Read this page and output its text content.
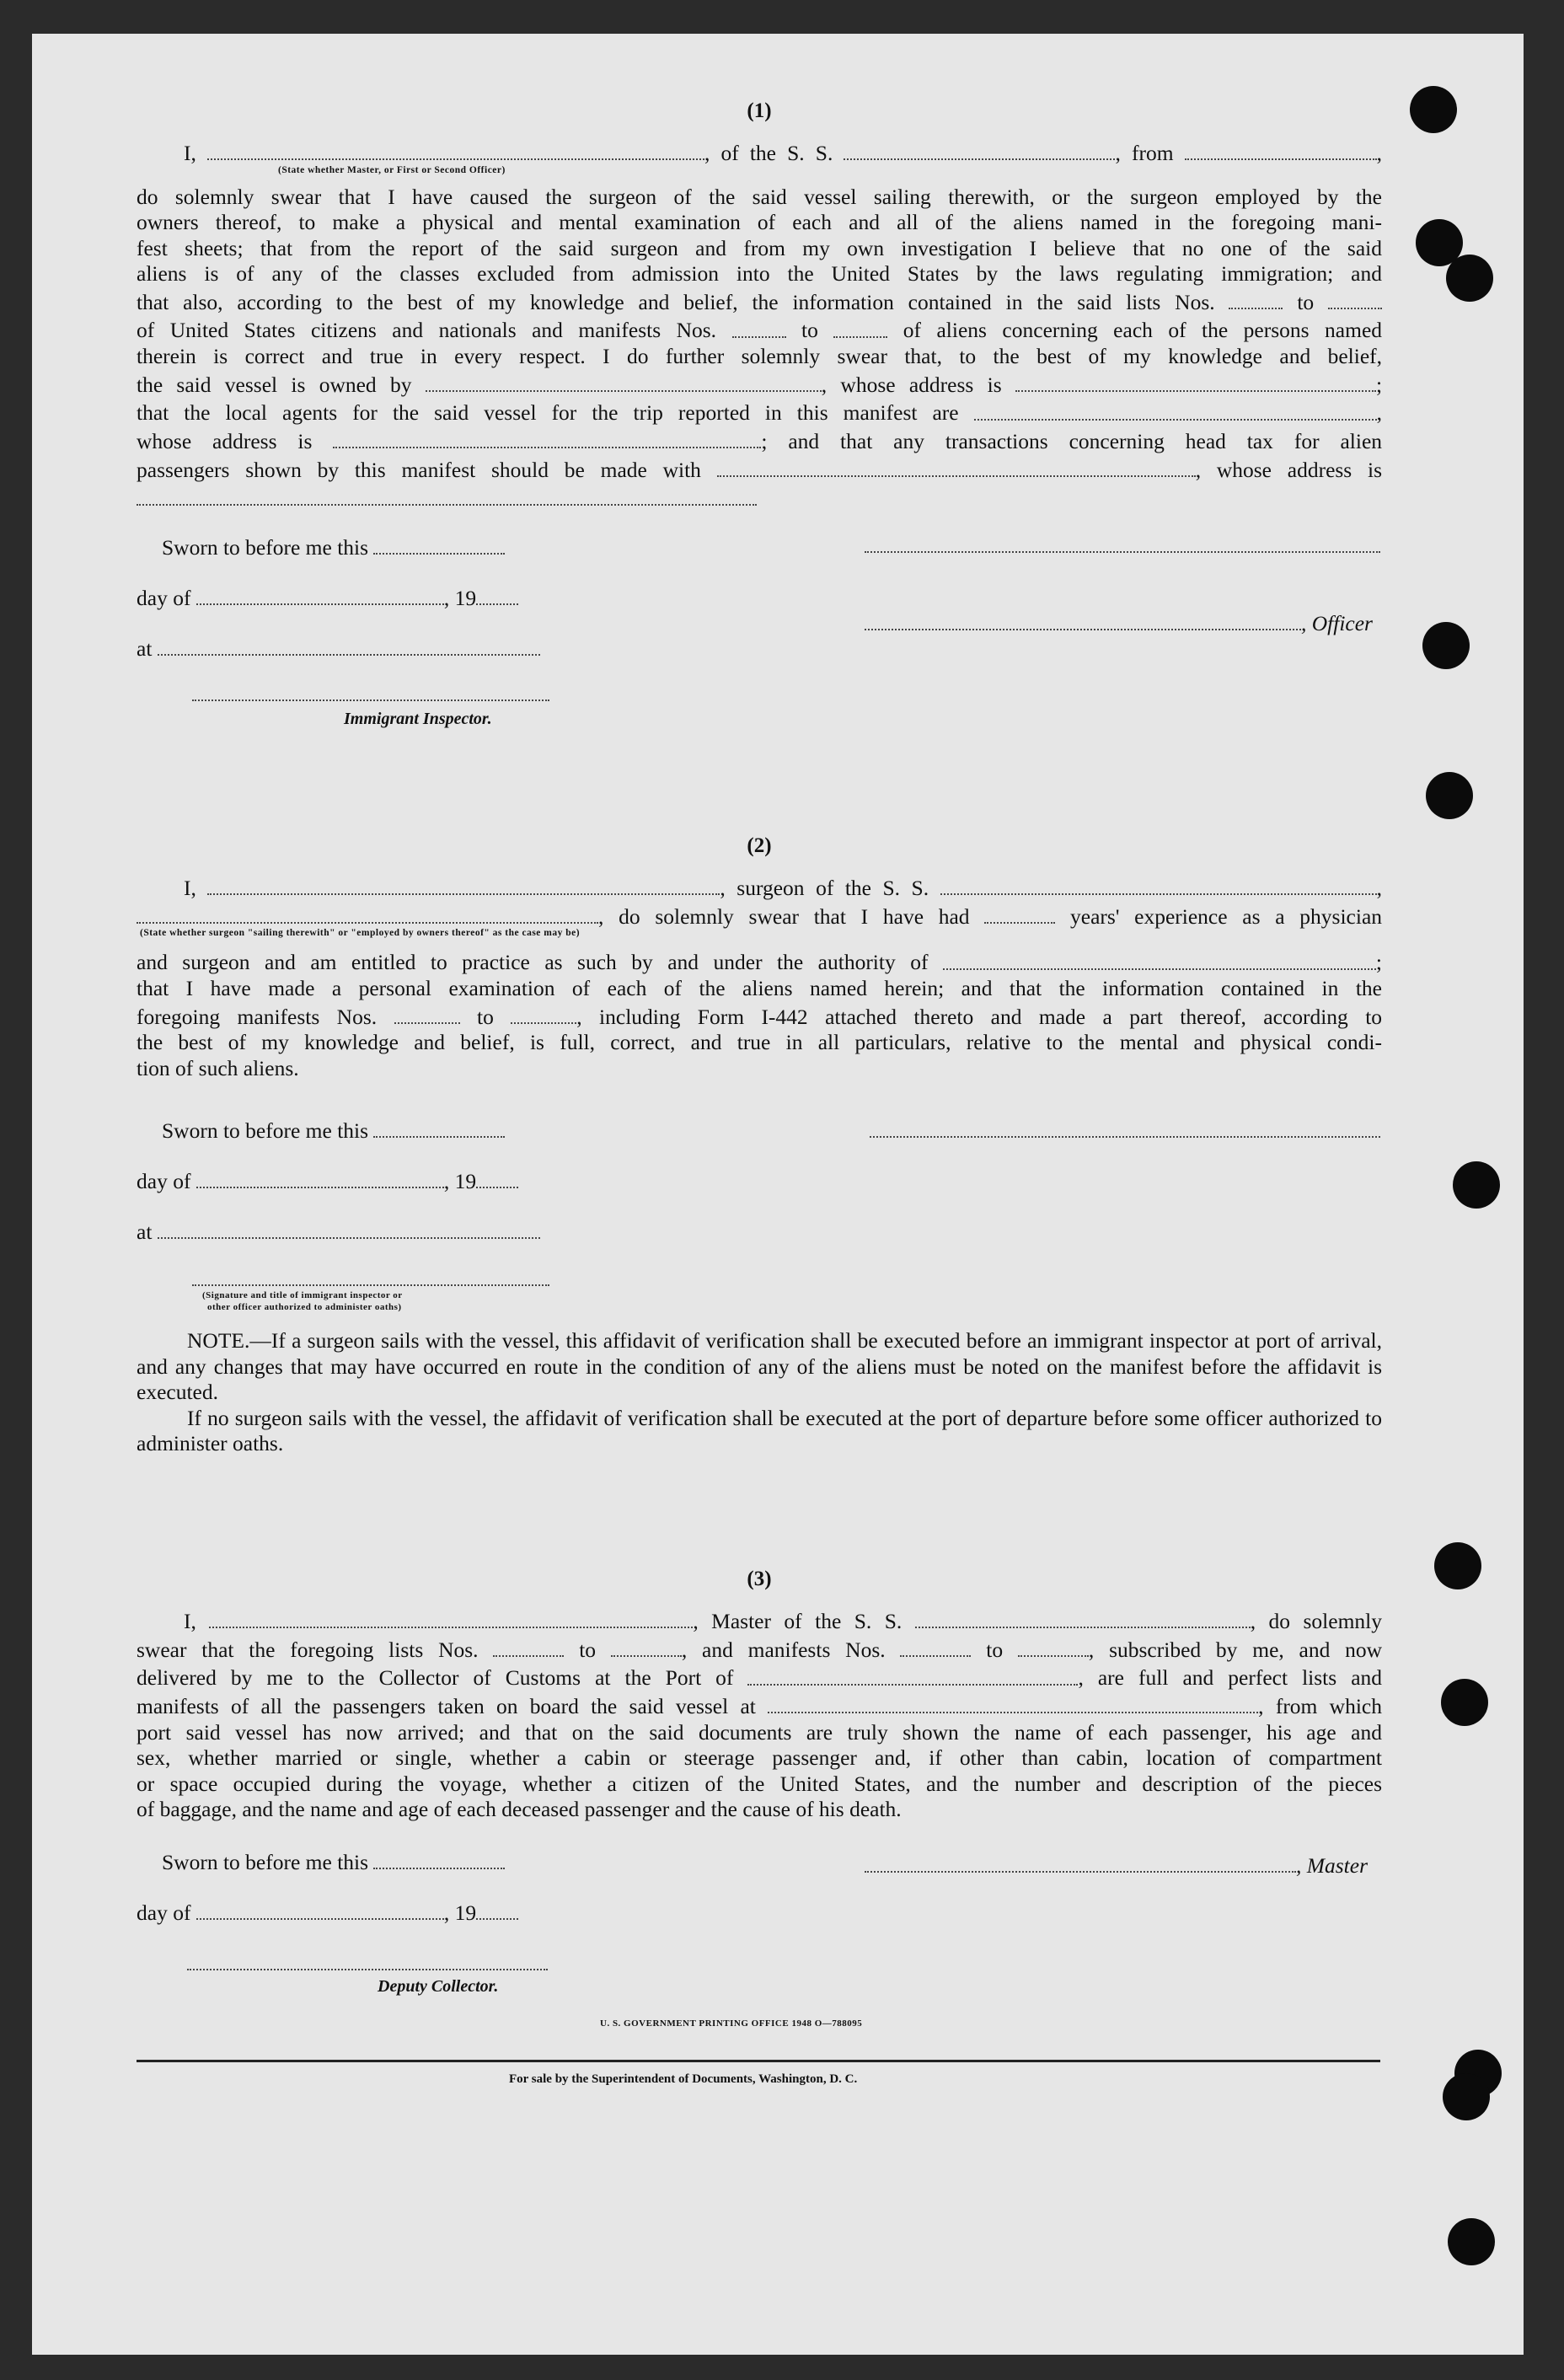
(1)

I,	, of the S. S.	, from	,

(State whether Master, or First or Second Officer)

do solemnly swear that I have caused the surgeon of the said vessel sailing therewith, or the surgeon employed by the

owners thereof, to make a physical and mental examination of each and all of the aliens named in the foregoing mani-

fest sheets; that from the report of the said surgeon and from my own investigation I believe that no one of the said

aliens is of any of the classes excluded from admission into the United States by the laws regulating immigration; and

that also, according to the best of my knowledge and belief, the information contained in the said lists Nos.	to

of United States citizens and nationals and manifests Nos.	to	of aliens concerning each of the persons named

therein is correct and true in every respect. I do further solemnly swear that, to the best of my knowledge and belief,

the said vessel is owned by	, whose address is	;

that the local agents for the said vessel for the trip reported in this manifest are	,

whose address is	; and that any transactions concerning head tax for alien

passengers shown by this manifest should be made with	, whose address is

Sworn to before me this
day of	, 19
at
Immigrant Inspector.
, Officer
(2)

I,	, surgeon of the S. S.	,

, do solemnly swear that I have had	years' experience as a physician

(State whether surgeon "sailing therewith" or "employed by owners thereof" as the case may be)

and surgeon and am entitled to practice as such by and under the authority of	;

that I have made a personal examination of each of the aliens named herein; and that the information contained in the

foregoing manifests Nos.	to	, including Form I-442 attached thereto and made a part thereof, according to

the best of my knowledge and belief, is full, correct, and true in all particulars, relative to the mental and physical condi-

tion of such aliens.

Sworn to before me this
day of	, 19
at
(Signature and title of immigrant inspector or
other officer authorized to administer oaths)

NOTE.—If a surgeon sails with the vessel, this affidavit of verification shall be executed before an immigrant inspector at port of arrival, and any changes that may have occurred en route in the condition of any of the aliens must be noted on the manifest before the affidavit is executed.

If no surgeon sails with the vessel, the affidavit of verification shall be executed at the port of departure before some officer authorized to administer oaths.

(3)

I,	, Master of the S. S.	, do solemnly

swear that the foregoing lists Nos.	to	, and manifests Nos.	to	, subscribed by me, and now

delivered by me to the Collector of Customs at the Port of	, are full and perfect lists and

manifests of all the passengers taken on board the said vessel at	, from which

port said vessel has now arrived; and that on the said documents are truly shown the name of each passenger, his age and

sex, whether married or single, whether a cabin or steerage passenger and, if other than cabin, location of compartment

or space occupied during the voyage, whether a citizen of the United States, and the number and description of the pieces

of baggage, and the name and age of each deceased passenger and the cause of his death.

Sworn to before me this	, Master
day of	, 19
Deputy Collector.
U. S. GOVERNMENT PRINTING OFFICE 1948 O—788095
For sale by the Superintendent of Documents, Washington, D. C.
